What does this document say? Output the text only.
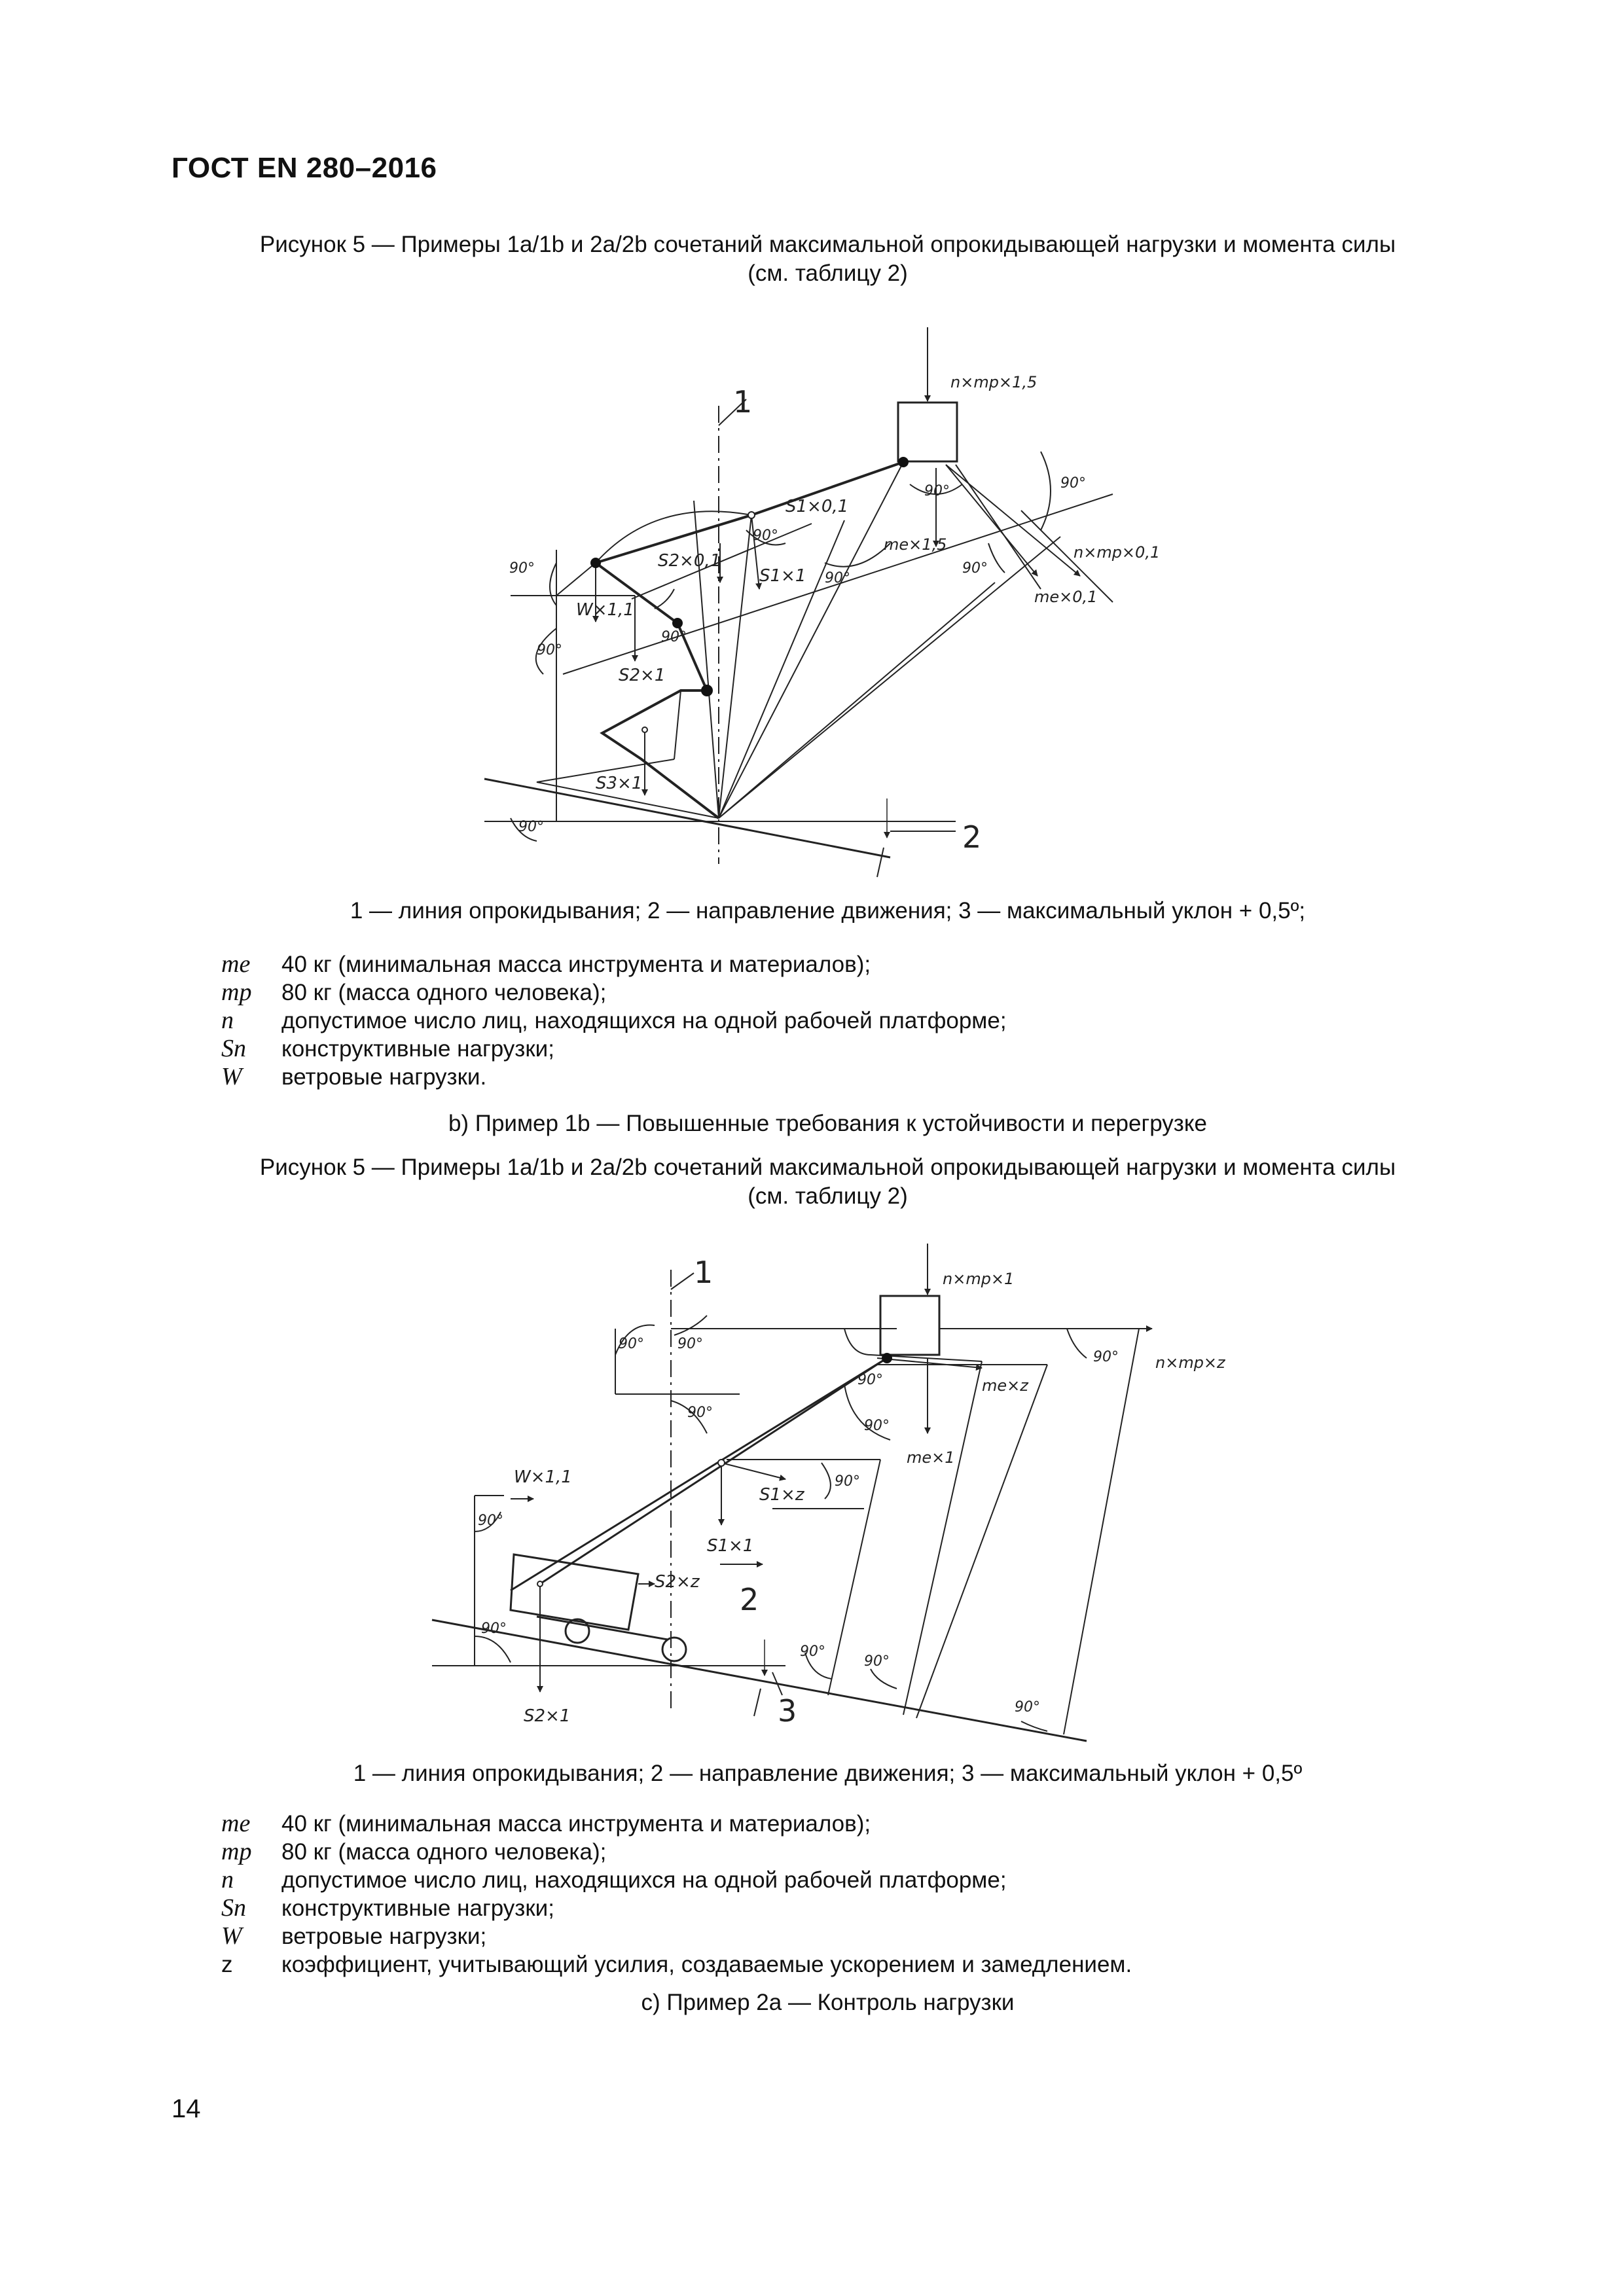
ГОСТ EN 280–2016
Рисунок 5 — Примеры 1а/1b и 2а/2b сочетаний максимальной опрокидывающей нагрузки и момента силы
(см. таблицу 2)
1
2
n×mp×1,5
n×mp×0,1
me×1,5
me×0,1
S1×0,1
S1×1
S2×0,1
S2×1
S3×1
W×1,1
90°
90°
90°
90°
90°
90°
90°
90°
90°
1 — линия опрокидывания; 2 — направление движения; 3 — максимальный уклон + 0,5º;
me 40 кг (минимальная масса инструмента и материалов);
mp 80 кг (масса одного человека);
n допустимое число лиц, находящихся на одной рабочей платформе;
Sn конструктивные нагрузки;
W ветровые нагрузки.
b) Пример 1b — Повышенные требования к устойчивости и перегрузке
Рисунок 5 — Примеры 1а/1b и 2а/2b сочетаний максимальной опрокидывающей нагрузки и момента силы
(см. таблицу 2)
1
2
3
n×mp×1
n×mp×z
me×z
me×1
S1×z
S1×1
S2×z
S2×1
W×1,1
90° 90°
90°
90°
90°
90°
90°
90°
90°
90°
90°
90°
1 — линия опрокидывания; 2 — направление движения; 3 — максимальный уклон + 0,5º
me 40 кг (минимальная масса инструмента и материалов);
mp 80 кг (масса одного человека);
n допустимое число лиц, находящихся на одной рабочей платформе;
Sn конструктивные нагрузки;
W ветровые нагрузки;
z коэффициент, учитывающий усилия, создаваемые ускорением и замедлением.
c) Пример 2a — Контроль нагрузки
14
